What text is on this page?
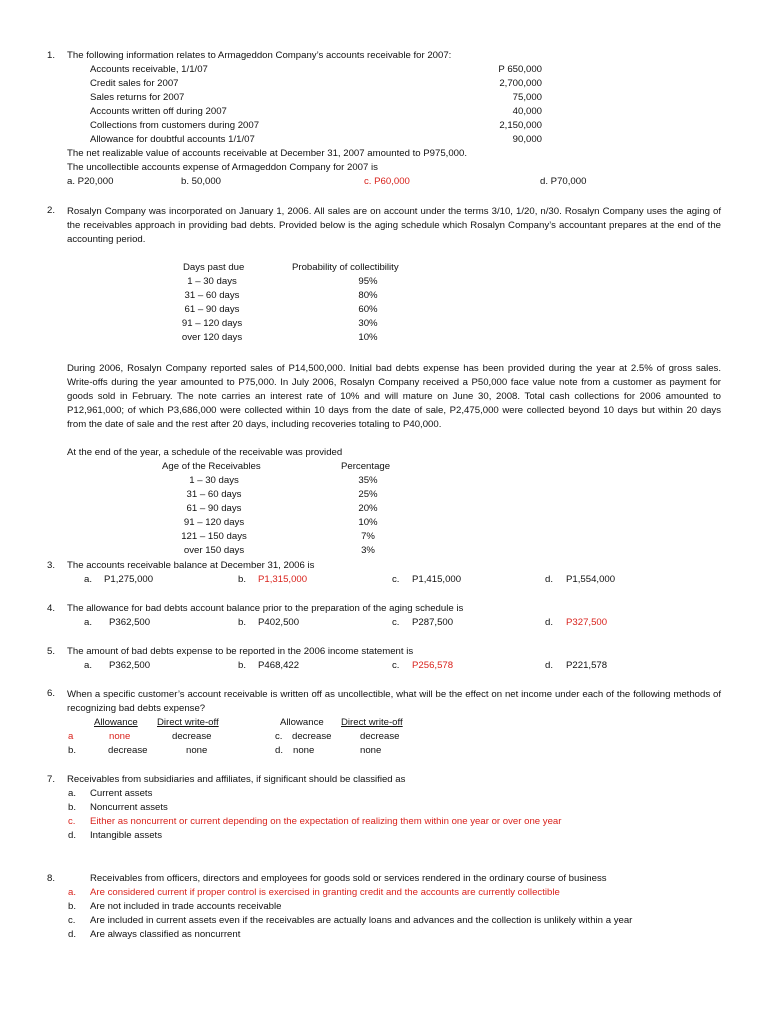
1. The following information relates to Armageddon Company’s accounts receivable for 2007:
Accounts receivable, 1/1/07	P 650,000
Credit sales for 2007	2,700,000
Sales returns for 2007	75,000
Accounts written off during 2007	40,000
Collections from customers during 2007	2,150,000
Allowance for doubtful accounts 1/1/07	90,000
The net realizable value of accounts receivable at December 31, 2007 amounted to P975,000.
The uncollectible accounts expense of Armageddon Company for 2007 is
a. P20,000	b. 50,000	c. P60,000	d. P70,000
2. Rosalyn Company was incorporated on January 1, 2006. All sales are on account under the terms 3/10, 1/20, n/30. Rosalyn Company uses the aging of the receivables approach in providing bad debts. Provided below is the aging schedule which Rosalyn Company’s accountant prepares at the end of the accounting period.
Days past due	Probability of collectibility
1 – 30 days	95%
31 – 60 days	80%
61 – 90 days	60%
91 – 120 days	30%
over 120 days	10%
During 2006, Rosalyn Company reported sales of P14,500,000. Initial bad debts expense has been provided during the year at 2.5% of gross sales. Write-offs during the year amounted to P75,000. In July 2006, Rosalyn Company received a P50,000 face value note from a customer as payment for goods sold in February. The note carries an interest rate of 10% and will mature on June 30, 2008. Total cash collections for 2006 amounted to P12,961,000; of which P3,686,000 were collected within 10 days from the date of sale, P2,475,000 were collected beyond 10 days but within 20 days from the date of sale and the rest after 20 days, including recoveries totaling to P40,000.
At the end of the year, a schedule of the receivable was provided
Age of the Receivables	Percentage
1 – 30 days	35%
31 – 60 days	25%
61 – 90 days	20%
91 – 120 days	10%
121 – 150 days	7%
over 150 days	3%
3. The accounts receivable balance at December 31, 2006 is
a. P1,275,000	b. P1,315,000	c. P1,415,000	d. P1,554,000
4. The allowance for bad debts account balance prior to the preparation of the aging schedule is
a. P362,500	b. P402,500	c. P287,500	d. P327,500
5. The amount of bad debts expense to be reported in the 2006 income statement is
a. P362,500	b. P468,422	c. P256,578	d. P221,578
6. When a specific customer’s account receivable is written off as uncollectible, what will be the effect on net income under each of the following methods of recognizing bad debts expense?
Allowance Direct write-off	Allowance Direct write-off
a	none	decrease
b.	decrease	none
c. decrease	decrease
d. none	none
7. Receivables from subsidiaries and affiliates, if significant should be classified as
a. Current assets
b. Noncurrent assets
c. Either as noncurrent or current depending on the expectation of realizing them within one year or over one year
d. Intangible assets
8.	Receivables from officers, directors and employees for goods sold or services rendered in the ordinary course of business
a. Are considered current if proper control is exercised in granting credit and the accounts are currently collectible
b. Are not included in trade accounts receivable
c. Are included in current assets even if the receivables are actually loans and advances and the collection is unlikely within a year
d. Are always classified as noncurrent
